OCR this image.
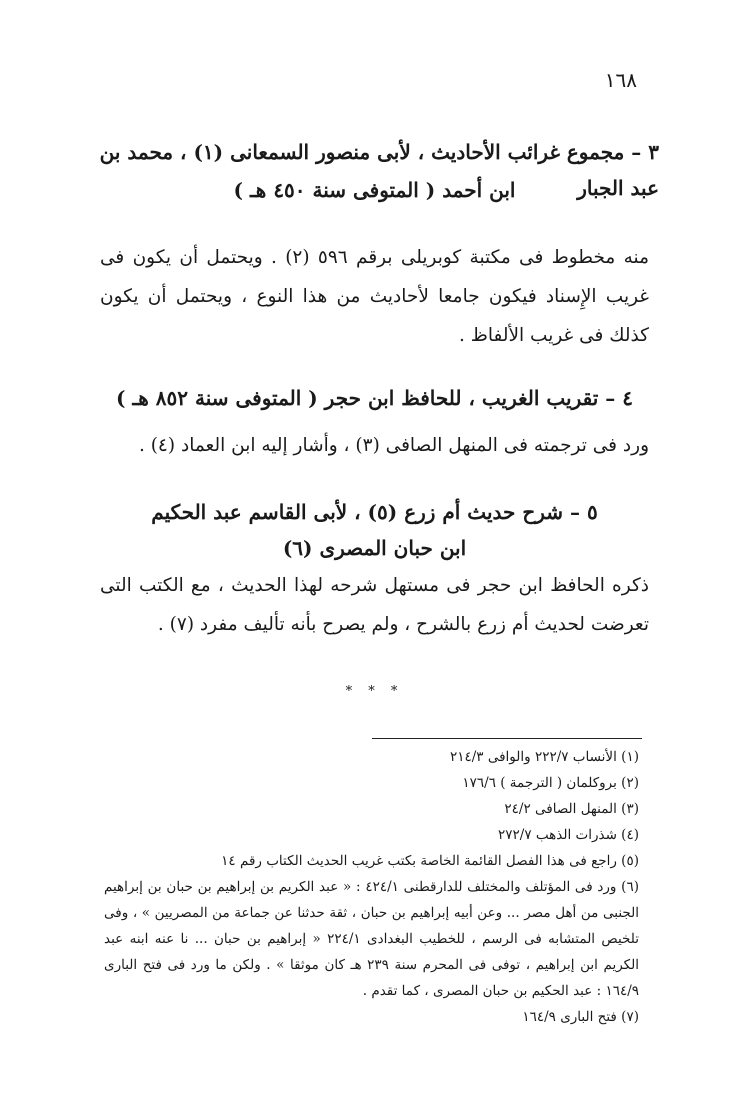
١٦٨
٣ – مجموع غرائب الأحاديث ، لأبى منصور السمعانى (١) ، محمد بن عبد الجبار
ابن أحمد ( المتوفى سنة ٤٥٠ هـ )
منه مخطوط فى مكتبة كوبريلى برقم ٥٩٦ (٢) . ويحتمل أن يكون فى غريب الإِسناد فيكون جامعا لأحاديث من هذا النوع ، ويحتمل أن يكون كذلك فى غريب الألفاظ .
٤ – تقريب الغريب ، للحافظ ابن حجر ( المتوفى سنة ٨٥٢ هـ )
ورد فى ترجمته فى المنهل الصافى (٣) ، وأشار إليه ابن العماد (٤) .
٥ – شرح حديث أم زرع (٥) ، لأبى القاسم عبد الحكيم
ابن حبان المصرى (٦)
ذكره الحافظ ابن حجر فى مستهل شرحه لهذا الحديث ، مع الكتب التى تعرضت لحديث أم زرع بالشرح ، ولم يصرح بأنه تأليف مفرد (٧) .
* * *
(١) الأنساب ٢٢٢/٧ والوافى ٢١٤/٣
(٢) بروكلمان ( الترجمة ) ١٧٦/٦
(٣) المنهل الصافى ٢٤/٢
(٤) شذرات الذهب ٢٧٢/٧
(٥) راجع فى هذا الفصل القائمة الخاصة بكتب غريب الحديث الكتاب رقم ١٤
(٦) ورد فى المؤتلف والمختلف للدارقطنى ٤٢٤/١ : « عبد الكريم بن إبراهيم بن حبان بن إبراهيم الجنبى من أهل مصر ... وعن أبيه إبراهيم بن حبان ، ثقة حدثنا عن جماعة من المصريين » ، وفى تلخيص المتشابه فى الرسم ، للخطيب البغدادى ٢٢٤/١ « إبراهيم بن حبان ... نا عنه ابنه عبد الكريم ابن إبراهيم ، توفى فى المحرم سنة ٢٣٩ هـ كان موثقا » . ولكن ما ورد فى فتح البارى ١٦٤/٩ : عبد الحكيم بن حبان المصرى ، كما تقدم .
(٧) فتح البارى ١٦٤/٩
